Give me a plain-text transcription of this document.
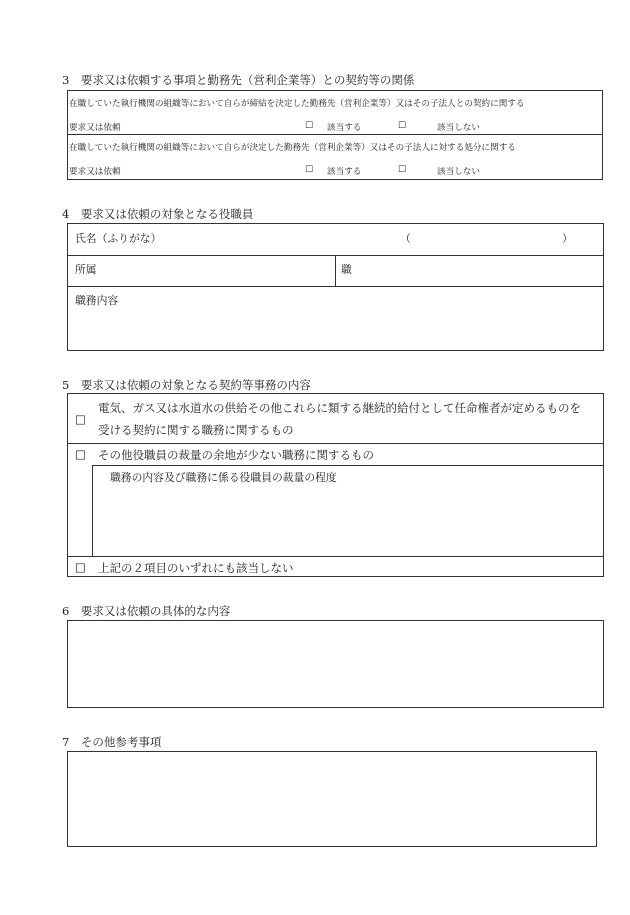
3　要求又は依頼する事項と勤務先（営利企業等）との契約等の関係
在職していた執行機関の組織等において自らが締結を決定した勤務先（営利企業等）又はその子法人との契約に関する
要求又は依頼	□ 該当する	□	該当しない
在職していた執行機関の組織等において自らが決定した勤務先（営利企業等）又はその子法人に対する処分に関する
要求又は依頼	□ 該当する	□	該当しない
4　要求又は依頼の対象となる役職員
氏名（ふりがな）	（	）
所属	職
職務内容
5　要求又は依頼の対象となる契約等事務の内容
□
電気、ガス又は水道水の供給その他これらに類する継続的給付として任命権者が定めるものを
受ける契約に関する職務に関するもの
□ その他役職員の裁量の余地が少ない職務に関するもの
職務の内容及び職務に係る役職員の裁量の程度
□ 上記の２項目のいずれにも該当しない
6　要求又は依頼の具体的な内容
7　その他参考事項
